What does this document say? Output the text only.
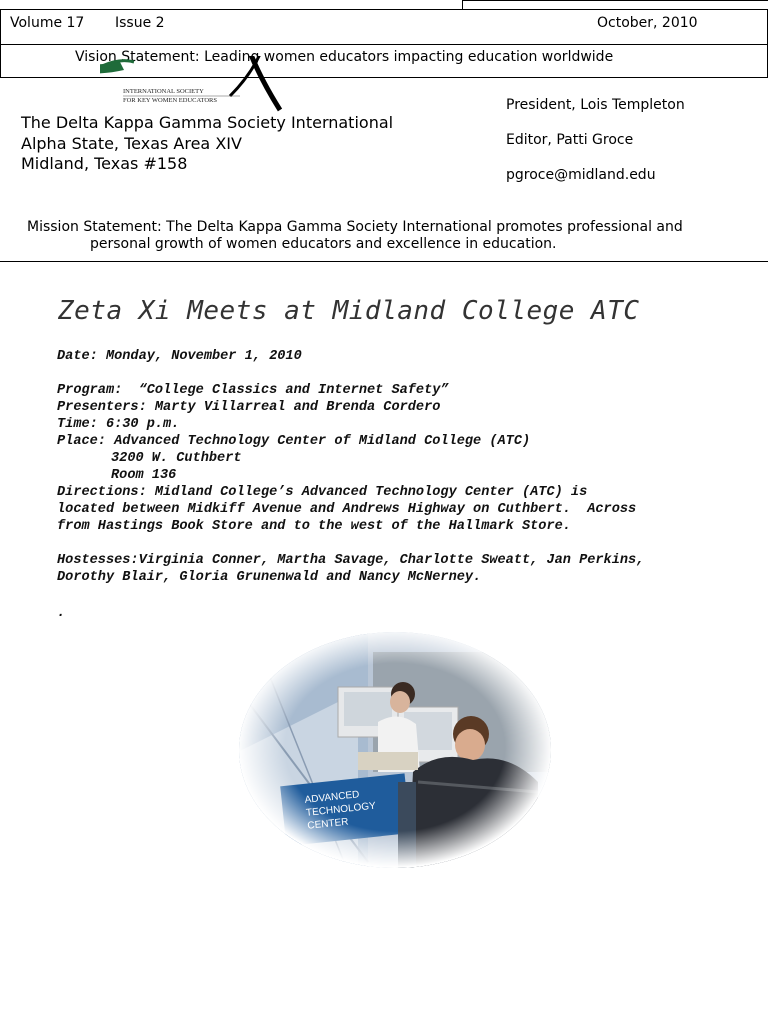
Volume 17 Issue 2	October, 2010
Vision Statement: Leading women educators impacting education worldwide
INTERNATIONAL SOCIETY
FOR KEY WOMEN EDUCATORS
The Delta Kappa Gamma Society International
Alpha State, Texas Area XIV
Midland, Texas #158
President, Lois Templeton
Editor, Patti Groce
pgroce@midland.edu
Mission Statement: The Delta Kappa Gamma Society International promotes professional and
personal growth of women educators and excellence in education.
Zeta Xi Meets at Midland College ATC
Date: Monday, November 1, 2010
Program:  “College Classics and Internet Safety”
Presenters: Marty Villarreal and Brenda Cordero
Time: 6:30 p.m.
Place: Advanced Technology Center of Midland College (ATC)
3200 W. Cuthbert
Room 136
Directions: Midland College’s Advanced Technology Center (ATC) is
located between Midkiff Avenue and Andrews Highway on Cuthbert.  Across
from Hastings Book Store and to the west of the Hallmark Store.
Hostesses:Virginia Conner, Martha Savage, Charlotte Sweatt, Jan Perkins,
Dorothy Blair, Gloria Grunenwald and Nancy McNerney.
.
